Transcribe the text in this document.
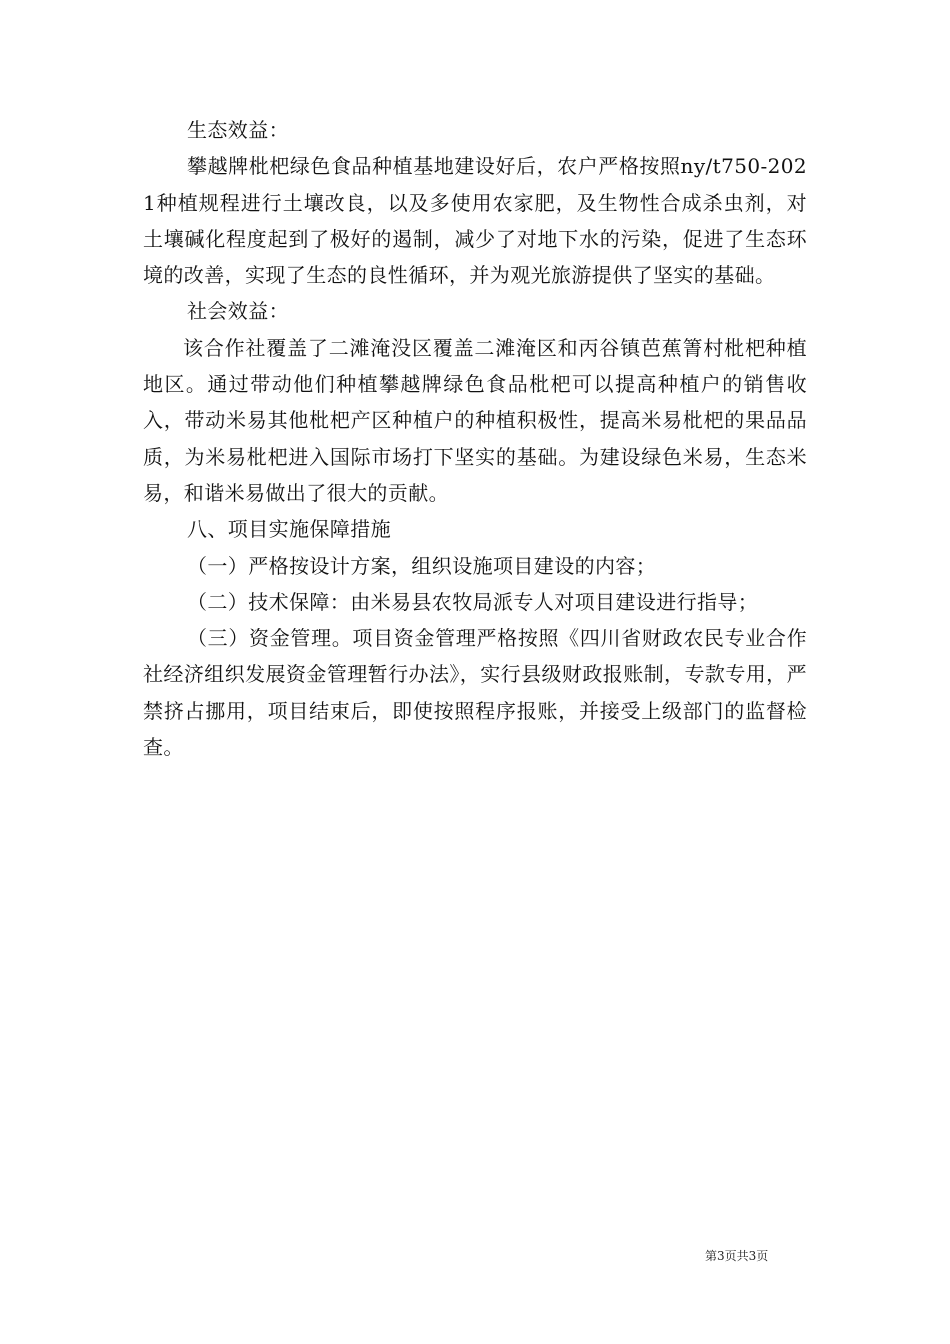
生态效益：

攀越牌枇杷绿色食品种植基地建设好后，农户严格按照ny/t750-2021种植规程进行土壤改良，以及多使用农家肥，及生物性合成杀虫剂，对土壤碱化程度起到了极好的遏制，减少了对地下水的污染，促进了生态环境的改善，实现了生态的良性循环，并为观光旅游提供了坚实的基础。

社会效益：

该合作社覆盖了二滩淹没区覆盖二滩淹区和丙谷镇芭蕉箐村枇杷种植地区。通过带动他们种植攀越牌绿色食品枇杷可以提高种植户的销售收入，带动米易其他枇杷产区种植户的种植积极性，提高米易枇杷的果品品质，为米易枇杷进入国际市场打下坚实的基础。为建设绿色米易，生态米易，和谐米易做出了很大的贡献。

八、项目实施保障措施

（一）严格按设计方案，组织设施项目建设的内容；

（二）技术保障：由米易县农牧局派专人对项目建设进行指导；

（三）资金管理。项目资金管理严格按照《四川省财政农民专业合作社经济组织发展资金管理暂行办法》，实行县级财政报账制，专款专用，严禁挤占挪用，项目结束后，即使按照程序报账，并接受上级部门的监督检查。

第3页共3页
